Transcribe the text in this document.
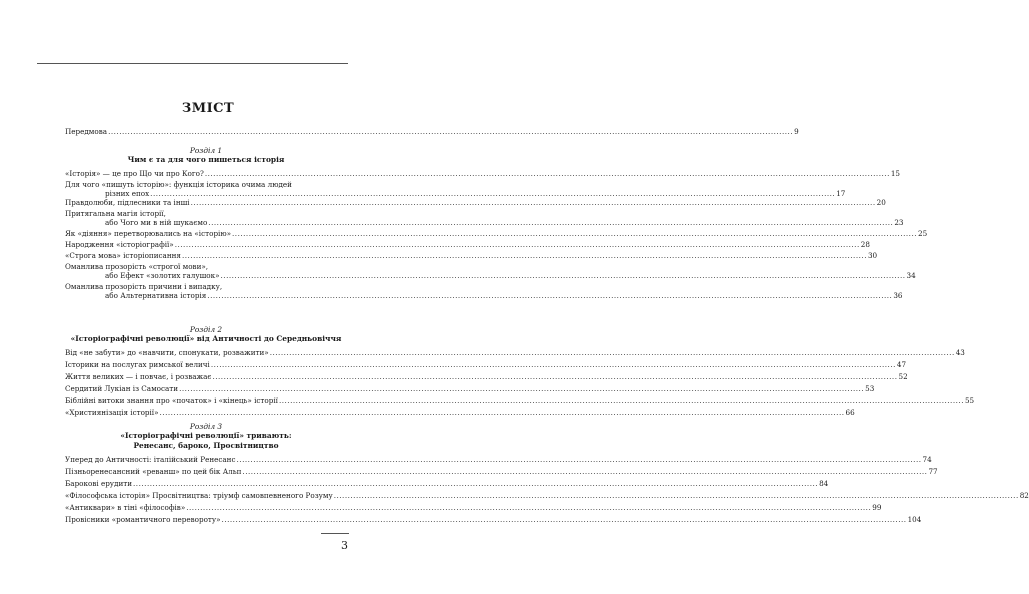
ЗМІСТ
Передмова .....	9
Розділ 1
Чим є та для чого пишеться історія
«Історія» — це про Що чи про Кого? .....	15
Для чого «пишуть історію»: функція історика очима людей
різних епох .....	17
Правдолюби, підлесники та інші .....	20
Притягальна магія історії,
або Чого ми в ній шукаємо .....	23
Як «діяння» перетворювались на «історію» .....	25
Народження «історіографії» .....	28
«Строга мова» історіописання .....	30
Оманлива прозорість «строгої мови»,
або Ефект «золотих галушок» .....	34
Оманлива прозорість причини і випадку,
або Альтернативна історія .....	36
Розділ 2
«Історіографічні революції» від Античності до Середньовіччя
Від «не забути» до «навчити, спонукати, розважити» .....	43
Історики на послугах римської величі .....	47
Життя великих — і повчає, і розважає .....	52
Сердитий Лукіан із Самосати .....	53
Біблійні витоки знання про «початок» і «кінець» історії .....	55
«Християнізація історії» .....	66
Розділ 3
«Історіографічні революції» тривають:
Ренесанс, бароко, Просвітництво
Уперед до Античності: італійський Ренесанс .....	74
Пізньоренесансний «реванш» по цей бік Альп .....	77
Барокові ерудити .....	84
«Філософська історія» Просвітництва: тріумф самовпевненого Розуму .....	82
«Антиквари» в тіні «філософів» .....	99
Провісники «романтичного перевороту» .....	104
3
